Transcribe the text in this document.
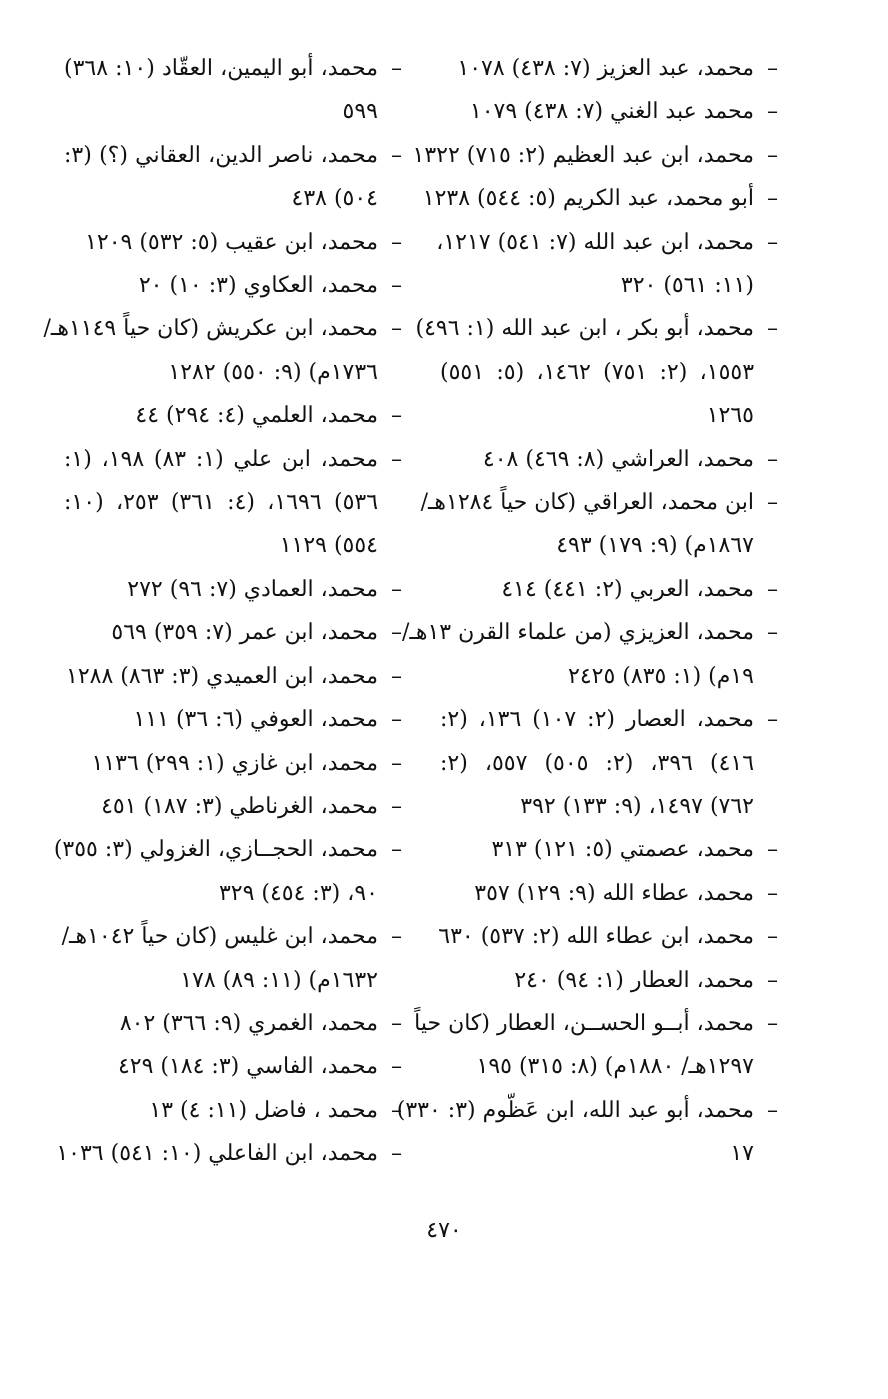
– محمد، عبد العزيز (٧: ٤٣٨) ١٠٧٨
– محمد عبد الغني (٧: ٤٣٨) ١٠٧٩
– محمد، ابن عبد العظيم (٢: ٧١٥) ١٣٢٢
– أبو محمد، عبد الكريم (٥: ٥٤٤) ١٢٣٨
– محمد، ابن عبد الله (٧: ٥٤١) ١٢١٧،
(١١: ٥٦١) ٣٢٠
– محمد، أبو بكر ، ابن عبد الله (١: ٤٩٦)
١٥٥٣، (٢: ٧٥١) ١٤٦٢، (٥: ٥٥١)
١٢٦٥
– محمد، العراشي (٨: ٤٦٩) ٤٠٨
– ابن محمد، العراقي (كان حياً ١٢٨٤هـ/
١٨٦٧م) (٩: ١٧٩) ٤٩٣
– محمد، العربي (٢: ٤٤١) ٤١٤
– محمد، العزيزي (من علماء القرن ١٣هـ/
١٩م) (١: ٨٣٥) ٢٤٢٥
– محمد، العصار (٢: ١٠٧) ١٣٦، (٢:
٤١٦) ٣٩٦، (٢: ٥٠٥) ٥٥٧، (٢:
٧٦٢) ١٤٩٧، (٩: ١٣٣) ٣٩٢
– محمد، عصمتي (٥: ١٢١) ٣١٣
– محمد، عطاء الله (٩: ١٢٩) ٣٥٧
– محمد، ابن عطاء الله (٢: ٥٣٧) ٦٣٠
– محمد، العطار (١: ٩٤) ٢٤٠
– محمد، أبــو الحســن، العطار (كان حياً
١٢٩٧هـ/ ١٨٨٠م) (٨: ٣١٥) ١٩٥
– محمد، أبو عبد الله، ابن عَظّوم (٣: ٣٣٠)
١٧
– محمد، أبو اليمين، العقّاد (١٠: ٣٦٨)
٥٩٩
– محمد، ناصر الدين، العقاني (؟) (٣:
٥٠٤) ٤٣٨
– محمد، ابن عقيب (٥: ٥٣٢) ١٢٠٩
– محمد، العكاوي (٣: ١٠) ٢٠
– محمد، ابن عكريش (كان حياً ١١٤٩هـ/
١٧٣٦م) (٩: ٥٥٠) ١٢٨٢
– محمد، العلمي (٤: ٢٩٤) ٤٤
– محمد، ابن علي (١: ٨٣) ١٩٨، (١:
٥٣٦) ١٦٩٦، (٤: ٣٦١) ٢٥٣، (١٠:
٥٥٤) ١١٢٩
– محمد، العمادي (٧: ٩٦) ٢٧٢
– محمد، ابن عمر (٧: ٣٥٩) ٥٦٩
– محمد، ابن العميدي (٣: ٨٦٣) ١٢٨٨
– محمد، العوفي (٦: ٣٦) ١١١
– محمد، ابن غازي (١: ٢٩٩) ١١٣٦
– محمد، الغرناطي (٣: ١٨٧) ٤٥١
– محمد، الحجــازي، الغزولي (٣: ٣٥٥)
٩٠، (٣: ٤٥٤) ٣٢٩
– محمد، ابن غليس (كان حياً ١٠٤٢هـ/
١٦٣٢م) (١١: ٨٩) ١٧٨
– محمد، الغمري (٩: ٣٦٦) ٨٠٢
– محمد، الفاسي (٣: ١٨٤) ٤٢٩
– محمد ، فاضل (١١: ٤) ١٣
– محمد، ابن الفاعلي (١٠: ٥٤١) ١٠٣٦
٤٧٠
